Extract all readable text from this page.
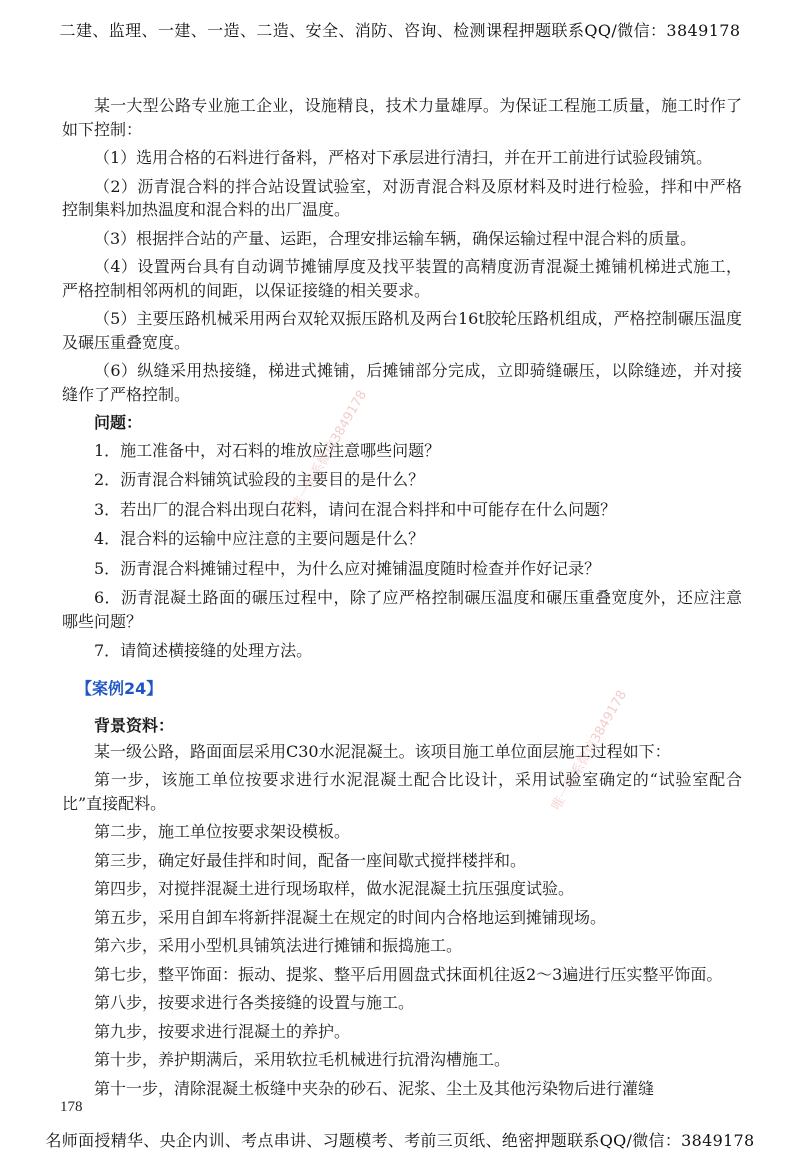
二建、监理、一建、一造、二造、安全、消防、咨询、检测课程押题联系QQ/微信：3849178
唯一联系微信3849178
唯一联系微信3849178

某一大型公路专业施工企业，设施精良，技术力量雄厚。为保证工程施工质量，施工时作了如下控制：

（1）选用合格的石料进行备料，严格对下承层进行清扫，并在开工前进行试验段铺筑。

（2）沥青混合料的拌合站设置试验室，对沥青混合料及原材料及时进行检验，拌和中严格控制集料加热温度和混合料的出厂温度。

（3）根据拌合站的产量、运距，合理安排运输车辆，确保运输过程中混合料的质量。

（4）设置两台具有自动调节摊铺厚度及找平装置的高精度沥青混凝土摊铺机梯进式施工，严格控制相邻两机的间距，以保证接缝的相关要求。

（5）主要压路机械采用两台双轮双振压路机及两台16t胶轮压路机组成，严格控制碾压温度及碾压重叠宽度。

（6）纵缝采用热接缝，梯进式摊铺，后摊铺部分完成，立即骑缝碾压，以除缝迹，并对接缝作了严格控制。

问题：

1．施工准备中，对石料的堆放应注意哪些问题？

2．沥青混合料铺筑试验段的主要目的是什么？

3．若出厂的混合料出现白花料，请问在混合料拌和中可能存在什么问题？

4．混合料的运输中应注意的主要问题是什么？

5．沥青混合料摊铺过程中，为什么应对摊铺温度随时检查并作好记录？

6．沥青混凝土路面的碾压过程中，除了应严格控制碾压温度和碾压重叠宽度外，还应注意哪些问题？

7．请简述横接缝的处理方法。

【案例24】
背景资料：

某一级公路，路面面层采用C30水泥混凝土。该项目施工单位面层施工过程如下：

第一步，该施工单位按要求进行水泥混凝土配合比设计，采用试验室确定的“试验室配合比”直接配料。

第二步，施工单位按要求架设模板。

第三步，确定好最佳拌和时间，配备一座间歇式搅拌楼拌和。

第四步，对搅拌混凝土进行现场取样，做水泥混凝土抗压强度试验。

第五步，采用自卸车将新拌混凝土在规定的时间内合格地运到摊铺现场。

第六步，采用小型机具铺筑法进行摊铺和振捣施工。

第七步，整平饰面：振动、提浆、整平后用圆盘式抹面机往返2～3遍进行压实整平饰面。

第八步，按要求进行各类接缝的设置与施工。

第九步，按要求进行混凝土的养护。

第十步，养护期满后，采用软拉毛机械进行抗滑沟槽施工。

第十一步，清除混凝土板缝中夹杂的砂石、泥浆、尘土及其他污染物后进行灌缝

178
名师面授精华、央企内训、考点串讲、习题模考、考前三页纸、绝密押题联系QQ/微信：3849178
